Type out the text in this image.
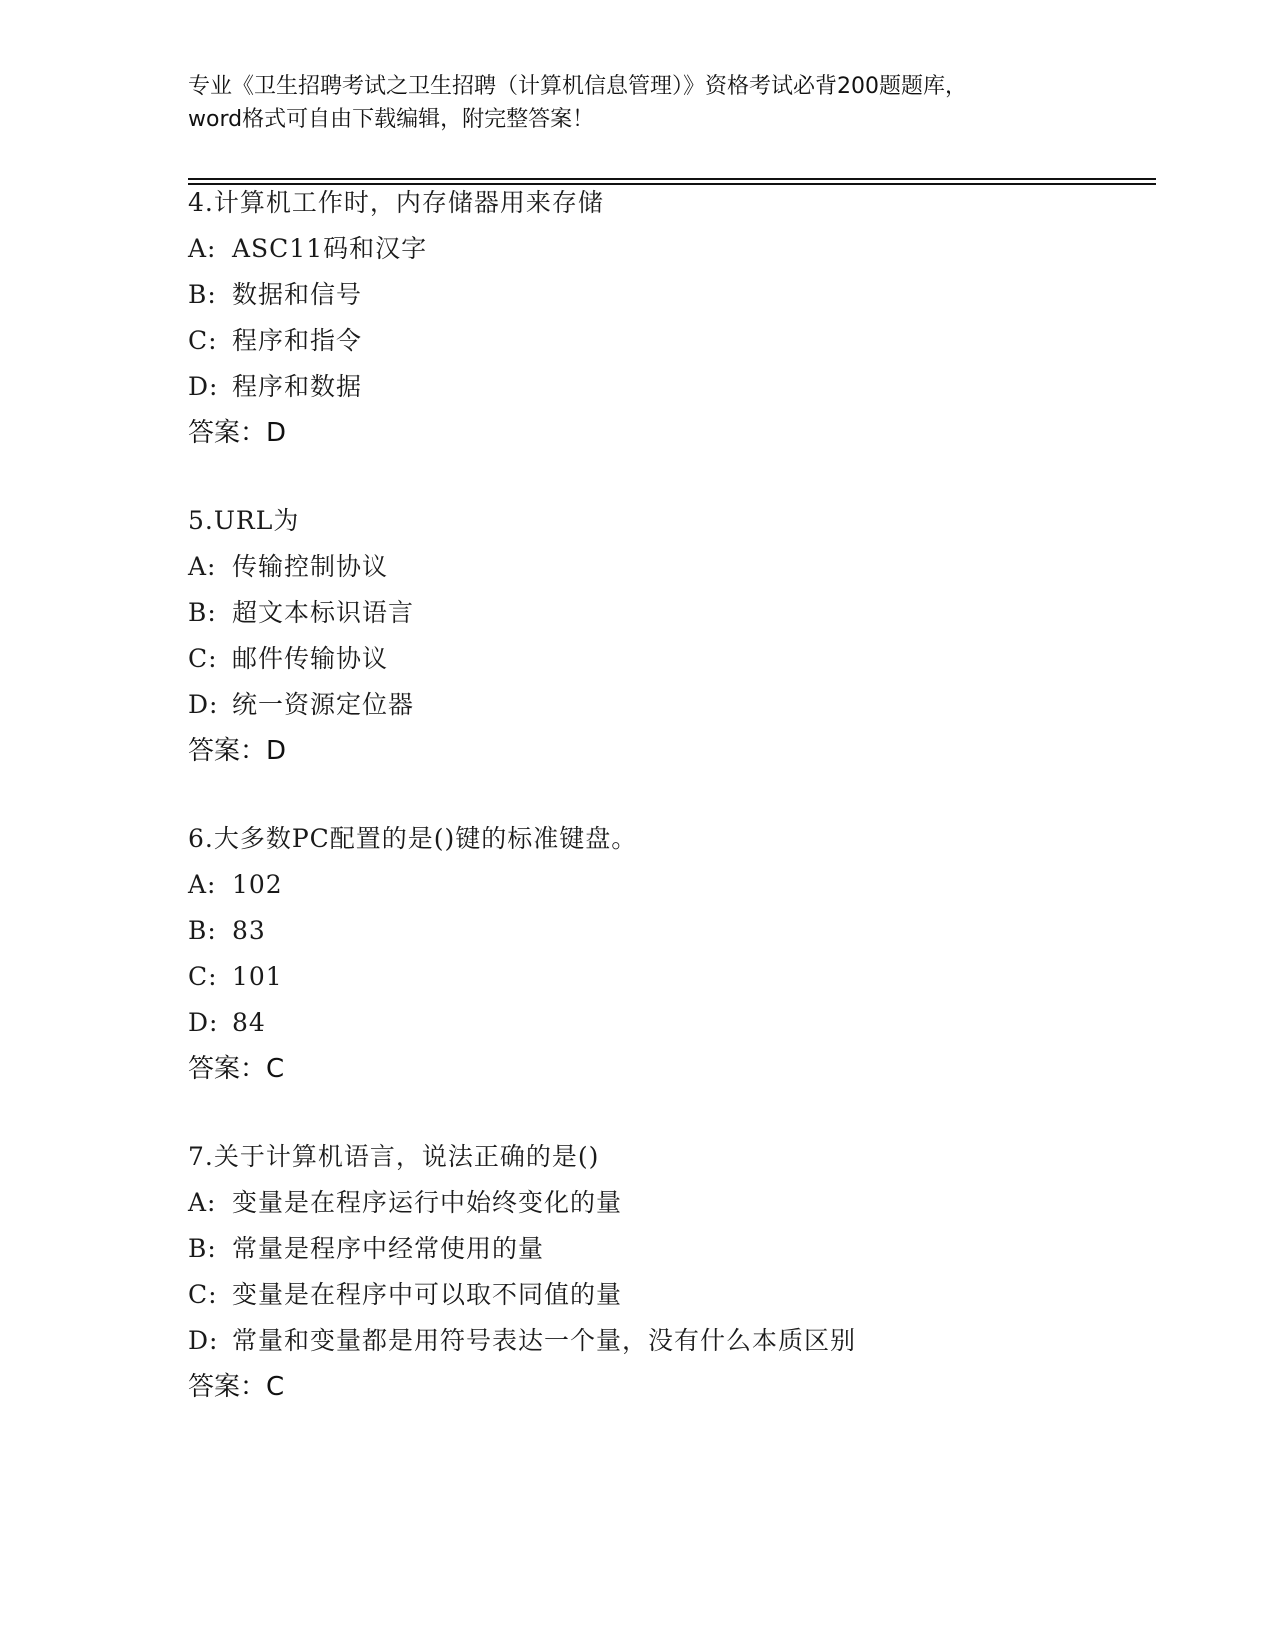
专业《卫生招聘考试之卫生招聘（计算机信息管理）》资格考试必背200题题库，
word格式可自由下载编辑，附完整答案！
4.计算机工作时，内存储器用来存储
A: ASC11码和汉字
B: 数据和信号
C: 程序和指令
D: 程序和数据
答案：D
5.URL为
A: 传输控制协议
B: 超文本标识语言
C: 邮件传输协议
D: 统一资源定位器
答案：D
6.大多数PC配置的是()键的标准键盘。
A: 102
B: 83
C: 101
D: 84
答案：C
7.关于计算机语言，说法正确的是()
A: 变量是在程序运行中始终变化的量
B: 常量是程序中经常使用的量
C: 变量是在程序中可以取不同值的量
D: 常量和变量都是用符号表达一个量，没有什么本质区别
答案：C
